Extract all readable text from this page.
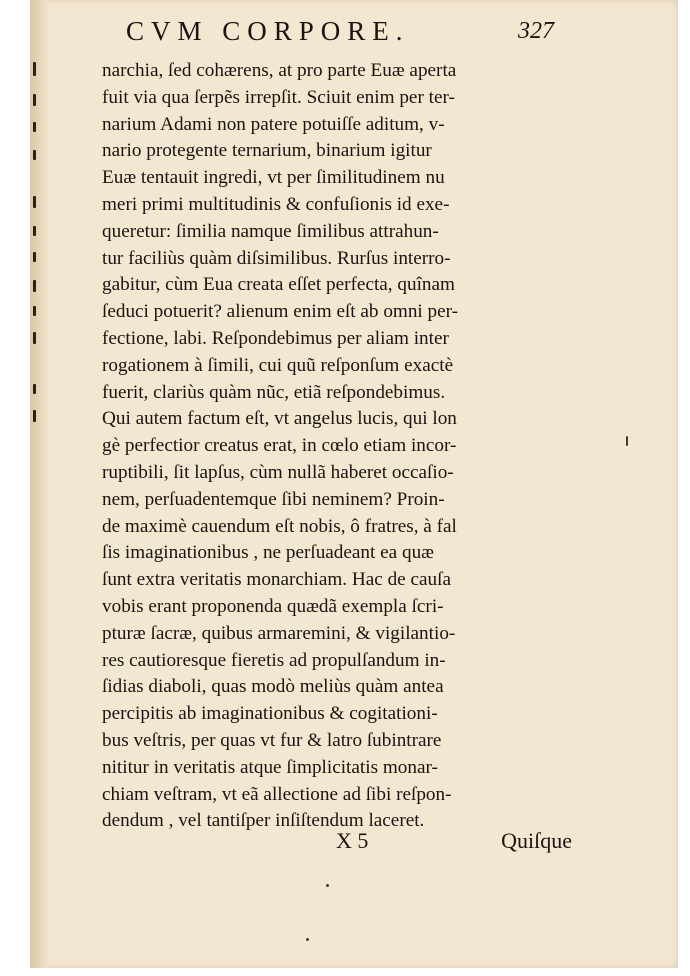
CVM CORPORE.	327
narchia, ſed cohærens, at pro parte Euæ aperta
fuit via qua ſerpẽs irrepſit. Sciuit enim per ter-
narium Adami non patere potuiſſe aditum, v-
nario protegente ternarium, binarium igitur
Euæ tentauit ingredi, vt per ſimilitudinem nu
meri primi multitudinis & confuſionis id exe-
queretur: ſimilia namque ſimilibus attrahun-
tur faciliùs quàm diſsimilibus. Rurſus interro-
gabitur, cùm Eua creata eſſet perfecta, quînam
ſeduci potuerit? alienum enim eſt ab omni per-
fectione, labi. Reſpondebimus per aliam inter
rogationem à ſimili, cui quũ reſponſum exactè
fuerit, clariùs quàm nũc, etiã reſpondebimus.
Qui autem factum eſt, vt angelus lucis, qui lon
gè perfectior creatus erat, in cœlo etiam incor-
ruptibili, ſit lapſus, cùm nullã haberet occaſio-
nem, perſuadentemque ſibi neminem? Proin-
de maximè cauendum eſt nobis, ô fratres, à fal
ſis imaginationibus , ne perſuadeant ea quæ
ſunt extra veritatis monarchiam. Hac de cauſa
vobis erant proponenda quædã exempla ſcri-
pturæ ſacræ, quibus armaremini, & vigilantio-
res cautioresque fieretis ad propulſandum in-
ſidias diaboli, quas modò meliùs quàm antea
percipitis ab imaginationibus & cogitationi-
bus veſtris, per quas vt fur & latro ſubintrare
nititur in veritatis atque ſimplicitatis monar-
chiam veſtram, vt eã allectione ad ſibi reſpon-
dendum , vel tantiſper inſiſtendum laceret.
X 5	Quiſque
